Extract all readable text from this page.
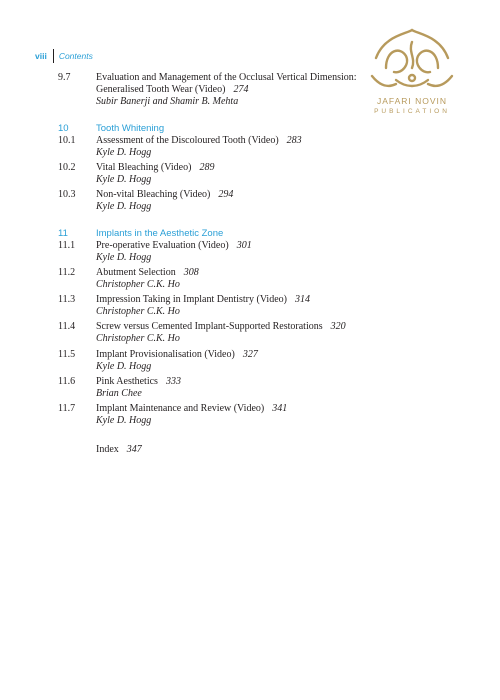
viii Contents
JAFARI NOVIN
PUBLICATION
9.7	Evaluation and Management of the Occlusal Vertical Dimension:
Generalised Tooth Wear (Video) 274
Subir Banerji and Shamir B. Mehta
10	Tooth Whitening
10.1 Assessment of the Discoloured Tooth (Video) 283
Kyle D. Hogg
10.2 Vital Bleaching (Video) 289
Kyle D. Hogg
10.3 Non-vital Bleaching (Video) 294
Kyle D. Hogg
11	Implants in the Aesthetic Zone
11.1 Pre-operative Evaluation (Video) 301
Kyle D. Hogg
11.2 Abutment Selection 308
Christopher C.K. Ho
11.3 Impression Taking in Implant Dentistry (Video) 314
Christopher C.K. Ho
11.4 Screw versus Cemented Implant-Supported Restorations 320
Christopher C.K. Ho
11.5 Implant Provisionalisation (Video) 327
Kyle D. Hogg
11.6 Pink Aesthetics 333
Brian Chee
11.7 Implant Maintenance and Review (Video) 341
Kyle D. Hogg
Index 347
